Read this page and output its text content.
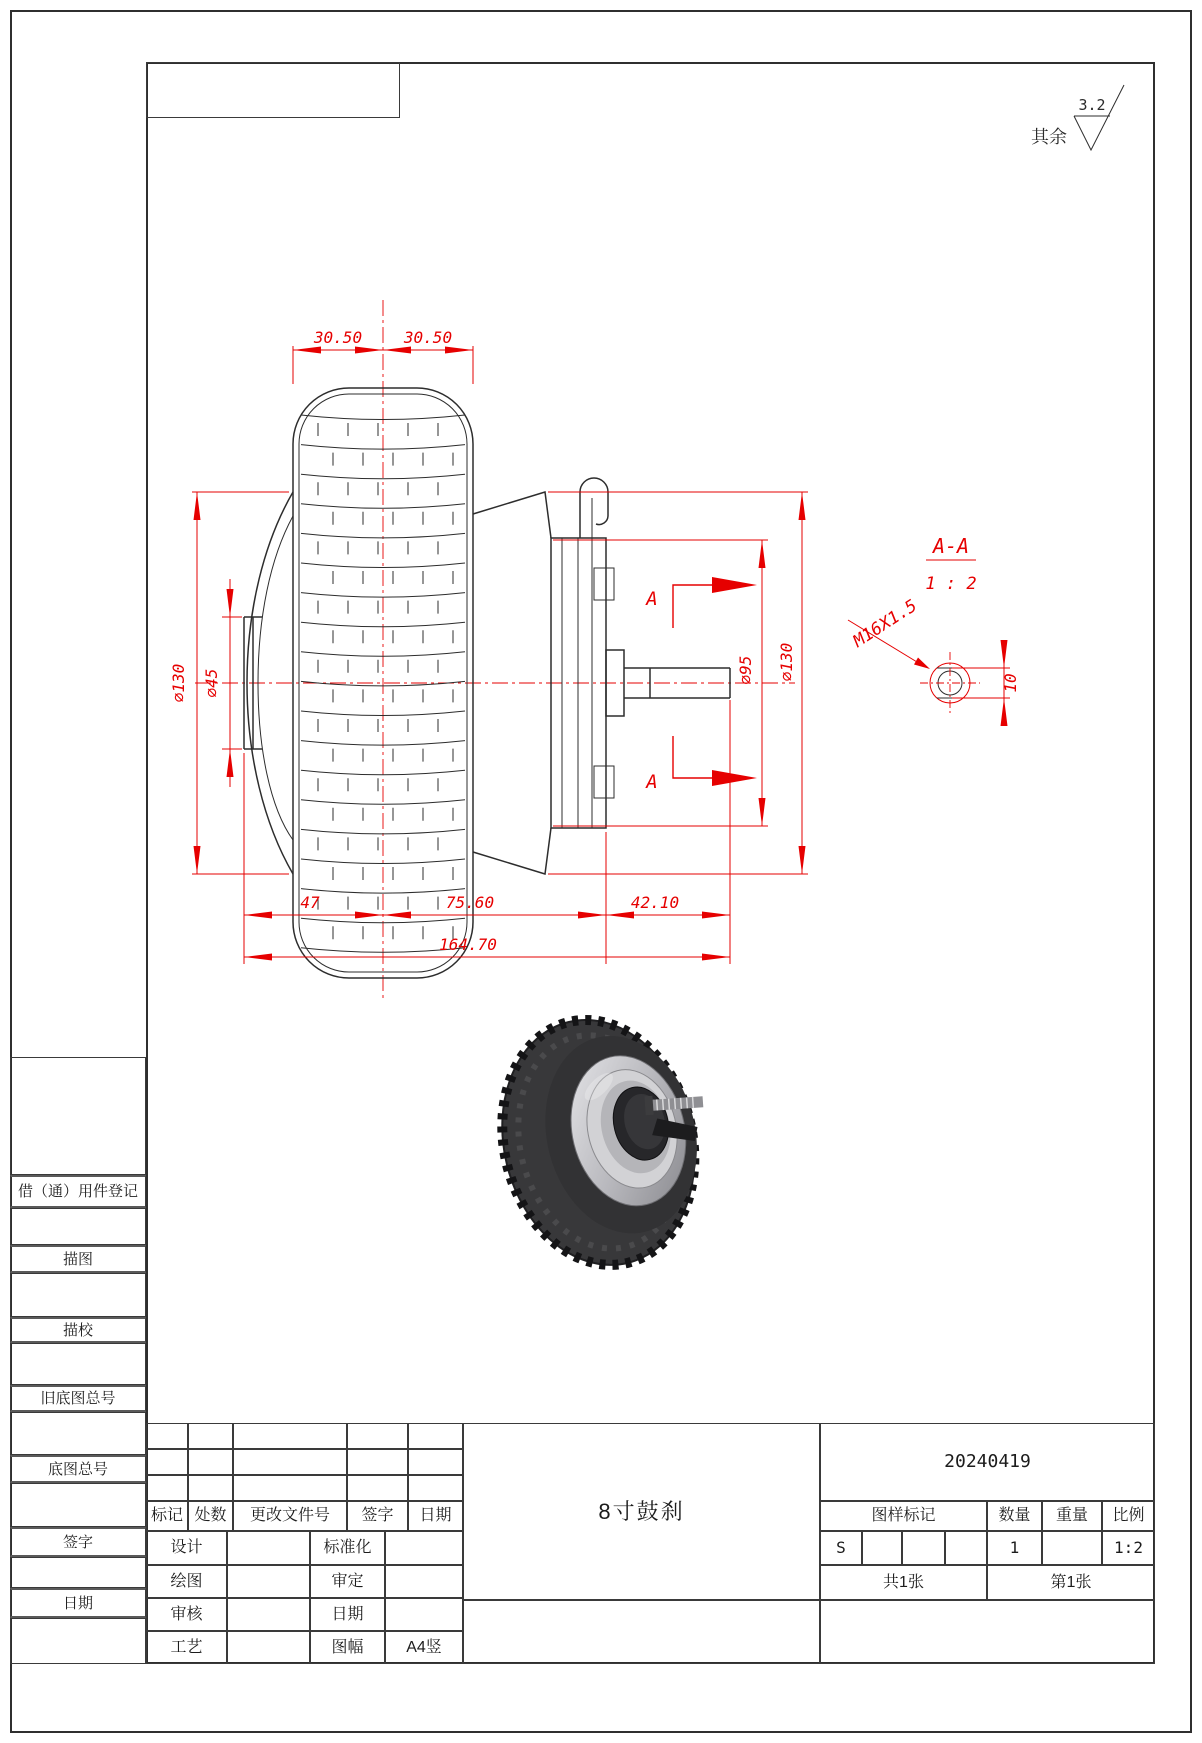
借（通）用件登记
描图
描校
旧底图总号
底图总号
签字
日期
标记 处数 更改文件号 签字 日期
设计	标准化
绘图	审定
审核	日期
工艺	图幅	A4竖
8寸鼓刹
20240419
图样标记	数量 重量 比例
S	1	1:2
共1张	第1张
其余
3.2
30.50	30.50
∅130 ∅45	∅95 ∅130
A
A
47	75.60	42.10
164.70
A-A
1 : 2
M16X1.5
10
